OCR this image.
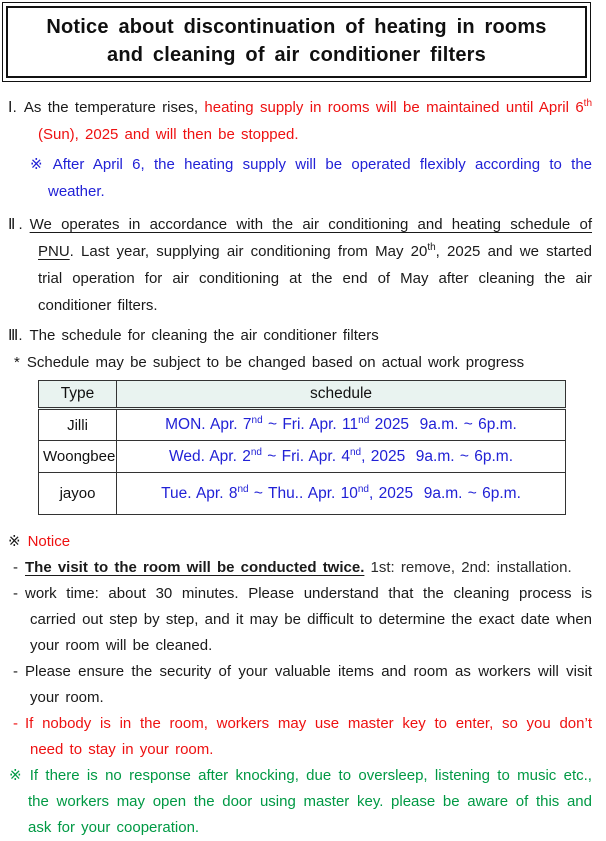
Notice about discontinuation of heating in rooms
and cleaning of air conditioner filters

Ⅰ. As the temperature rises, heating supply in rooms will be maintained until April 6th (Sun), 2025 and will then be stopped.

※ After April 6, the heating supply will be operated flexibly according to the weather.

Ⅱ. We operates in accordance with the air conditioning and heating schedule of PNU. Last year, supplying air conditioning from May 20th, 2025 and we started trial operation for air conditioning at the end of May after cleaning the air conditioner filters.

Ⅲ. The schedule for cleaning the air conditioner filters

* Schedule may be subject to be changed based on actual work progress

Type	schedule
Jilli	MON. Apr. 7nd ~ Fri. Apr. 11nd 2025  9a.m. ~ 6p.m.
Woongbee	Wed. Apr. 2nd ~ Fri. Apr. 4nd, 2025  9a.m. ~ 6p.m.
jayoo	Tue. Apr. 8nd ~ Thu.. Apr. 10nd, 2025  9a.m. ~ 6p.m.

※ Notice

- The visit to the room will be conducted twice. 1st: remove, 2nd: installation.

- work time: about 30 minutes. Please understand that the cleaning process is carried out step by step, and it may be difficult to determine the exact date when your room will be cleaned.

- Please ensure the security of your valuable items and room as workers will visit your room.

- If nobody is in the room, workers may use master key to enter, so you don’t need to stay in your room.

※ If there is no response after knocking, due to oversleep, listening to music etc., the workers may open the door using master key. please be aware of this and ask for your cooperation.
